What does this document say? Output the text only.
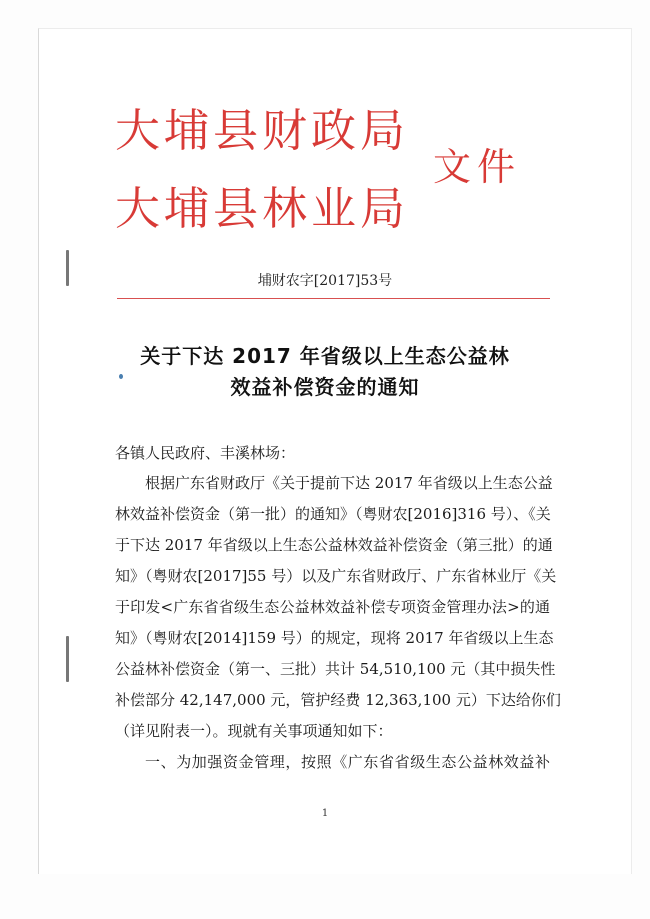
大埔县财政局
大埔县林业局
文件
埔财农字[2017]53号
关于下达 2017 年省级以上生态公益林
效益补偿资金的通知
各镇人民政府、丰溪林场：
根据广东省财政厅《关于提前下达 2017 年省级以上生态公益
林效益补偿资金（第一批）的通知》（粤财农[2016]316 号）、《关
于下达 2017 年省级以上生态公益林效益补偿资金（第三批）的通
知》（粤财农[2017]55 号）以及广东省财政厅、广东省林业厅《关
于印发<广东省省级生态公益林效益补偿专项资金管理办法>的通
知》（粤财农[2014]159 号）的规定，现将 2017 年省级以上生态
公益林补偿资金（第一、三批）共计 54,510,100 元（其中损失性
补偿部分 42,147,000 元，管护经费 12,363,100 元）下达给你们
（详见附表一）。现就有关事项通知如下：
一、为加强资金管理，按照《广东省省级生态公益林效益补
1
